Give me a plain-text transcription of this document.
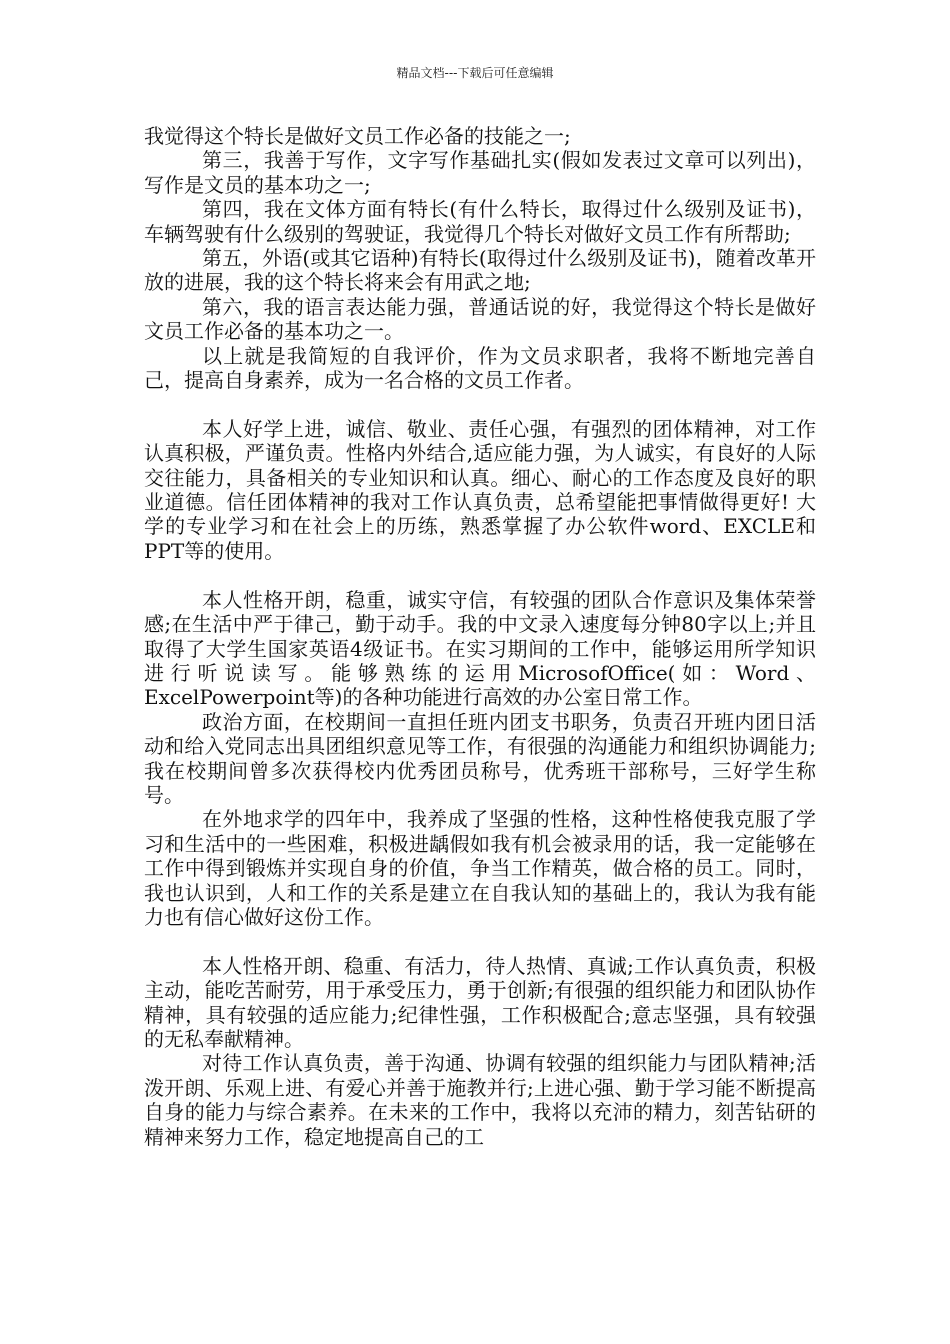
精品文档---下载后可任意编辑

我觉得这个特长是做好文员工作必备的技能之一;

第三，我善于写作，文字写作基础扎实(假如发表过文章可以列出)，写作是文员的基本功之一;

第四，我在文体方面有特长(有什么特长，取得过什么级别及证书)，车辆驾驶有什么级别的驾驶证，我觉得几个特长对做好文员工作有所帮助;

第五，外语(或其它语种)有特长(取得过什么级别及证书)，随着改革开放的进展，我的这个特长将来会有用武之地;

第六，我的语言表达能力强，普通话说的好，我觉得这个特长是做好文员工作必备的基本功之一。

以上就是我简短的自我评价，作为文员求职者，我将不断地完善自己，提高自身素养，成为一名合格的文员工作者。

本人好学上进，诚信、敬业、责任心强，有强烈的团体精神，对工作认真积极，严谨负责。性格内外结合,适应能力强，为人诚实，有良好的人际交往能力，具备相关的专业知识和认真。细心、耐心的工作态度及良好的职业道德。信任团体精神的我对工作认真负责，总希望能把事情做得更好! 大学的专业学习和在社会上的历练，熟悉掌握了办公软件word、EXCLE和PPT等的使用。

本人性格开朗，稳重，诚实守信，有较强的团队合作意识及集体荣誉感;在生活中严于律己，勤于动手。我的中文录入速度每分钟80字以上;并且取得了大学生国家英语4级证书。在实习期间的工作中，能够运用所学知识进行听说读写。能够熟练的运用MicrosofOffice(如：Word、ExcelPowerpoint等)的各种功能进行高效的办公室日常工作。

政治方面，在校期间一直担任班内团支书职务，负责召开班内团日活动和给入党同志出具团组织意见等工作，有很强的沟通能力和组织协调能力;我在校期间曾多次获得校内优秀团员称号，优秀班干部称号，三好学生称号。

在外地求学的四年中，我养成了坚强的性格，这种性格使我克服了学习和生活中的一些困难，积极进龋假如我有机会被录用的话，我一定能够在工作中得到锻炼并实现自身的价值，争当工作精英，做合格的员工。同时，我也认识到，人和工作的关系是建立在自我认知的基础上的，我认为我有能力也有信心做好这份工作。

本人性格开朗、稳重、有活力，待人热情、真诚;工作认真负责，积极主动，能吃苦耐劳，用于承受压力，勇于创新;有很强的组织能力和团队协作精神，具有较强的适应能力;纪律性强，工作积极配合;意志坚强，具有较强的无私奉献精神。

对待工作认真负责，善于沟通、协调有较强的组织能力与团队精神;活泼开朗、乐观上进、有爱心并善于施教并行;上进心强、勤于学习能不断提高自身的能力与综合素养。在未来的工作中，我将以充沛的精力，刻苦钻研的精神来努力工作，稳定地提高自己的工
